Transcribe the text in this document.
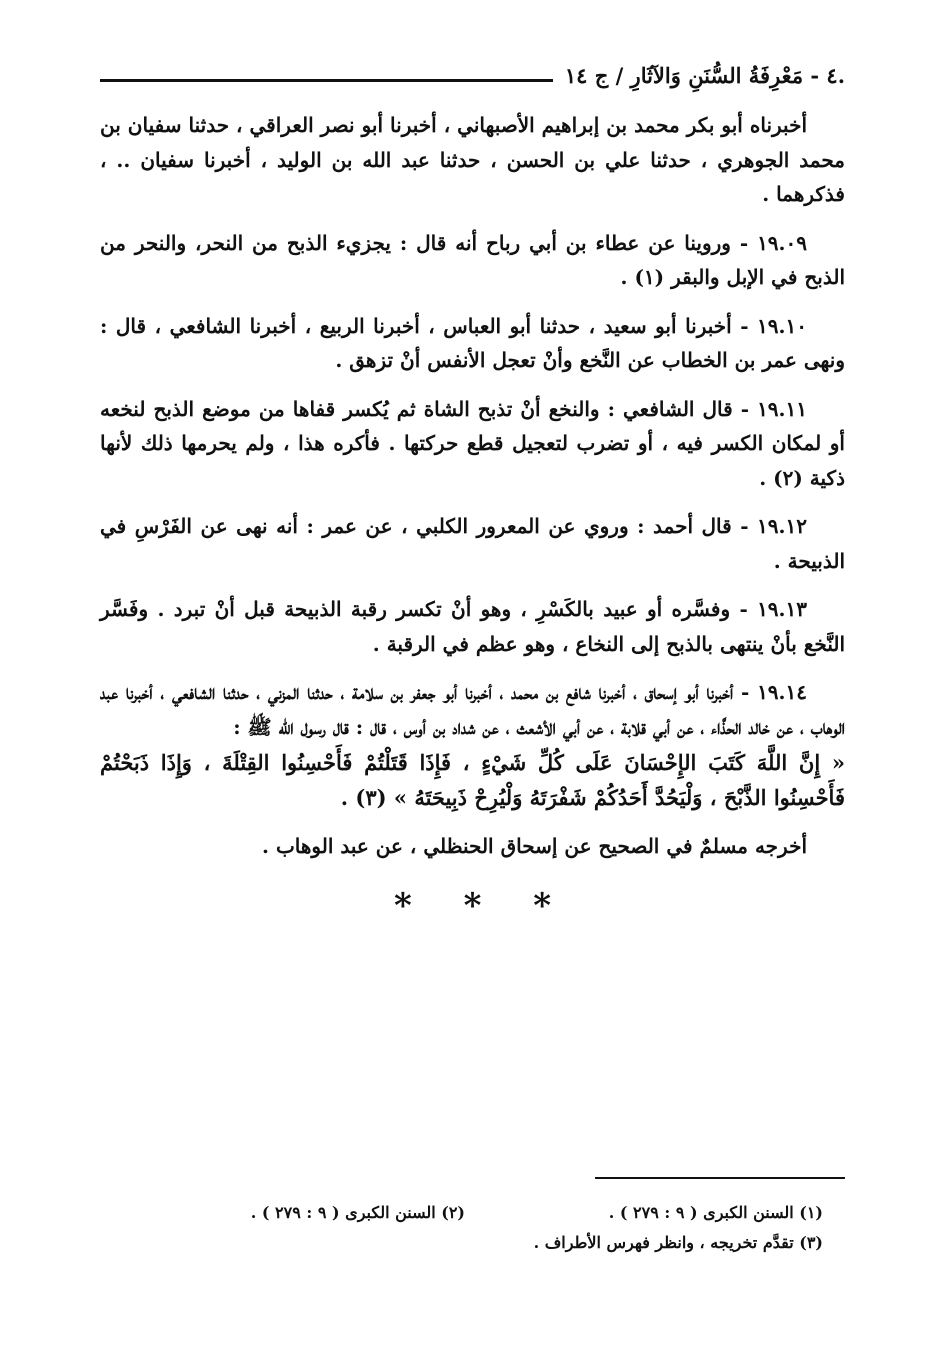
.٤ - مَعْرِفَةُ السُّنَنِ وَالآثَارِ / ج ١٤

أخبرناه أبو بكر محمد بن إبراهيم الأصبهاني ، أخبرنا أبو نصر العراقي ، حدثنا سفيان بن محمد الجوهري ، حدثنا علي بن الحسن ، حدثنا عبد الله بن الوليد ، أخبرنا سفيان .. ، فذكرهما .

١٩.٠٩ - وروينا عن عطاء بن أبي رباح أنه قال : يجزيء الذبح من النحر، والنحر من الذبح في الإبل والبقر (١) .

١٩.١٠ - أخبرنا أبو سعيد ، حدثنا أبو العباس ، أخبرنا الربيع ، أخبرنا الشافعي ، قال : ونهى عمر بن الخطاب عن النَّخع وأنْ تعجل الأنفس أنْ تزهق .

١٩.١١ - قال الشافعي : والنخع أنْ تذبح الشاة ثم يُكسر قفاها من موضع الذبح لنخعه أو لمكان الكسر فيه ، أو تضرب لتعجيل قطع حركتها . فأكره هذا ، ولم يحرمها ذلك لأنها ذكية (٢) .

١٩.١٢ - قال أحمد : وروي عن المعرور الكلبي ، عن عمر : أنه نهى عن الفَرْسِ في الذبيحة .

١٩.١٣ - وفسَّره أو عبيد بالكَسْرِ ، وهو أنْ تكسر رقبة الذبيحة قبل أنْ تبرد . وفَسَّر النَّخع بأنْ ينتهى بالذبح إلى النخاع ، وهو عظم في الرقبة .

١٩.١٤ - أخبرنا أبو إسحاق ، أخبرنا شافع بن محمد ، أخبرنا أبو جعفر بن سلامة ، حدثنا المزني ، حدثنا الشافعي ، أخبرنا عبد الوهاب ، عن خالد الحذَّاء ، عن أبي قلابة ، عن أبي الأشعث ، عن شداد بن أوس ، قال : قال رسول الله ﷺ :

« إِنَّ اللَّهَ كَتَبَ الإِحْسَانَ عَلَى كُلِّ شَيْءٍ ، فَإِذَا قَتَلْتُمْ فَأَحْسِنُوا القِتْلَةَ ، وَإِذَا ذَبَحْتُمْ فَأَحْسِنُوا الذَّبْحَ ، وَلْيَحُدَّ أَحَدُكُمْ شَفْرَتَهُ وَلْيُرِحْ ذَبِيحَتَهُ » (٣) .

أخرجه مسلمٌ في الصحيح عن إسحاق الحنظلي ، عن عبد الوهاب .

* * *
(١) السنن الكبرى ( ٩ : ٢٧٩ ) .
(٢) السنن الكبرى ( ٩ : ٢٧٩ ) .
(٣) تقدَّم تخريجه ، وانظر فهرس الأطراف .
